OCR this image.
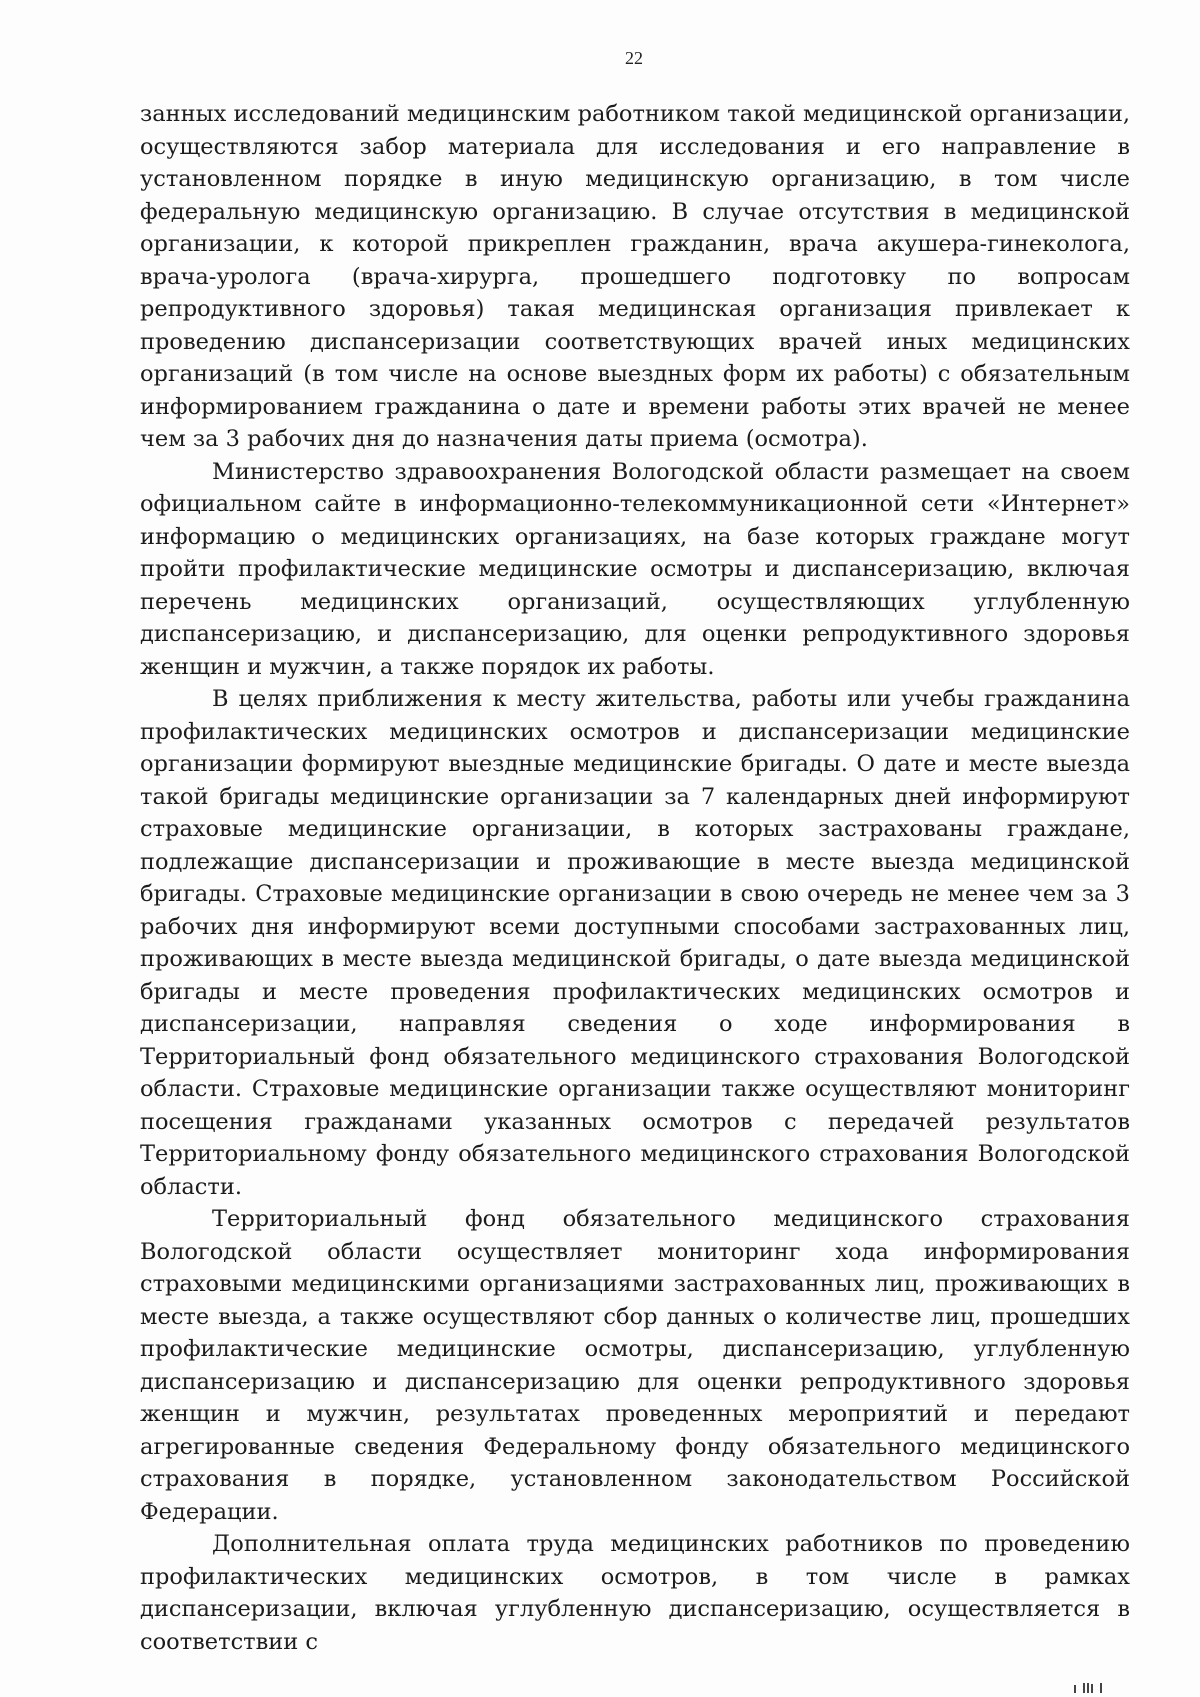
22

занных исследований медицинским работником такой медицинской организации, осуществляются забор материала для исследования и его направление в установленном порядке в иную медицинскую организацию, в том числе федеральную медицинскую организацию. В случае отсутствия в медицинской организации, к которой прикреплен гражданин, врача акушера-гинеколога, врача-уролога (врача-хирурга, прошедшего подготовку по вопросам репродуктивного здоровья) такая медицинская организация привлекает к проведению диспансеризации соответствующих врачей иных медицинских организаций (в том числе на основе выездных форм их работы) с обязательным информированием гражданина о дате и времени работы этих врачей не менее чем за 3 рабочих дня до назначения даты приема (осмотра).

Министерство здравоохранения Вологодской области размещает на своем официальном сайте в информационно-телекоммуникационной сети «Интернет» информацию о медицинских организациях, на базе которых граждане могут пройти профилактические медицинские осмотры и диспансеризацию, включая перечень медицинских организаций, осуществляющих углубленную диспансеризацию, и диспансеризацию, для оценки репродуктивного здоровья женщин и мужчин, а также порядок их работы.

В целях приближения к месту жительства, работы или учебы гражданина профилактических медицинских осмотров и диспансеризации медицинские организации формируют выездные медицинские бригады. О дате и месте выезда такой бригады медицинские организации за 7 календарных дней информируют страховые медицинские организации, в которых застрахованы граждане, подлежащие диспансеризации и проживающие в месте выезда медицинской бригады. Страховые медицинские организации в свою очередь не менее чем за 3 рабочих дня информируют всеми доступными способами застрахованных лиц, проживающих в месте выезда медицинской бригады, о дате выезда медицинской бригады и месте проведения профилактических медицинских осмотров и диспансеризации, направляя сведения о ходе информирования в Территориальный фонд обязательного медицинского страхования Вологодской области. Страховые медицинские организации также осуществляют мониторинг посещения гражданами указанных осмотров с передачей результатов Территориальному фонду обязательного медицинского страхования Вологодской области.

Территориальный фонд обязательного медицинского страхования Вологодской области осуществляет мониторинг хода информирования страховыми медицинскими организациями застрахованных лиц, проживающих в месте выезда, а также осуществляют сбор данных о количестве лиц, прошедших профилактические медицинские осмотры, диспансеризацию, углубленную диспансеризацию и диспансеризацию для оценки репродуктивного здоровья женщин и мужчин, результатах проведенных мероприятий и передают агрегированные сведения Федеральному фонду обязательного медицинского страхования в порядке, установленном законодательством Российской Федерации.

Дополнительная оплата труда медицинских работников по проведению профилактических медицинских осмотров, в том числе в рамках диспансеризации, включая углубленную диспансеризацию, осуществляется в соответствии с
